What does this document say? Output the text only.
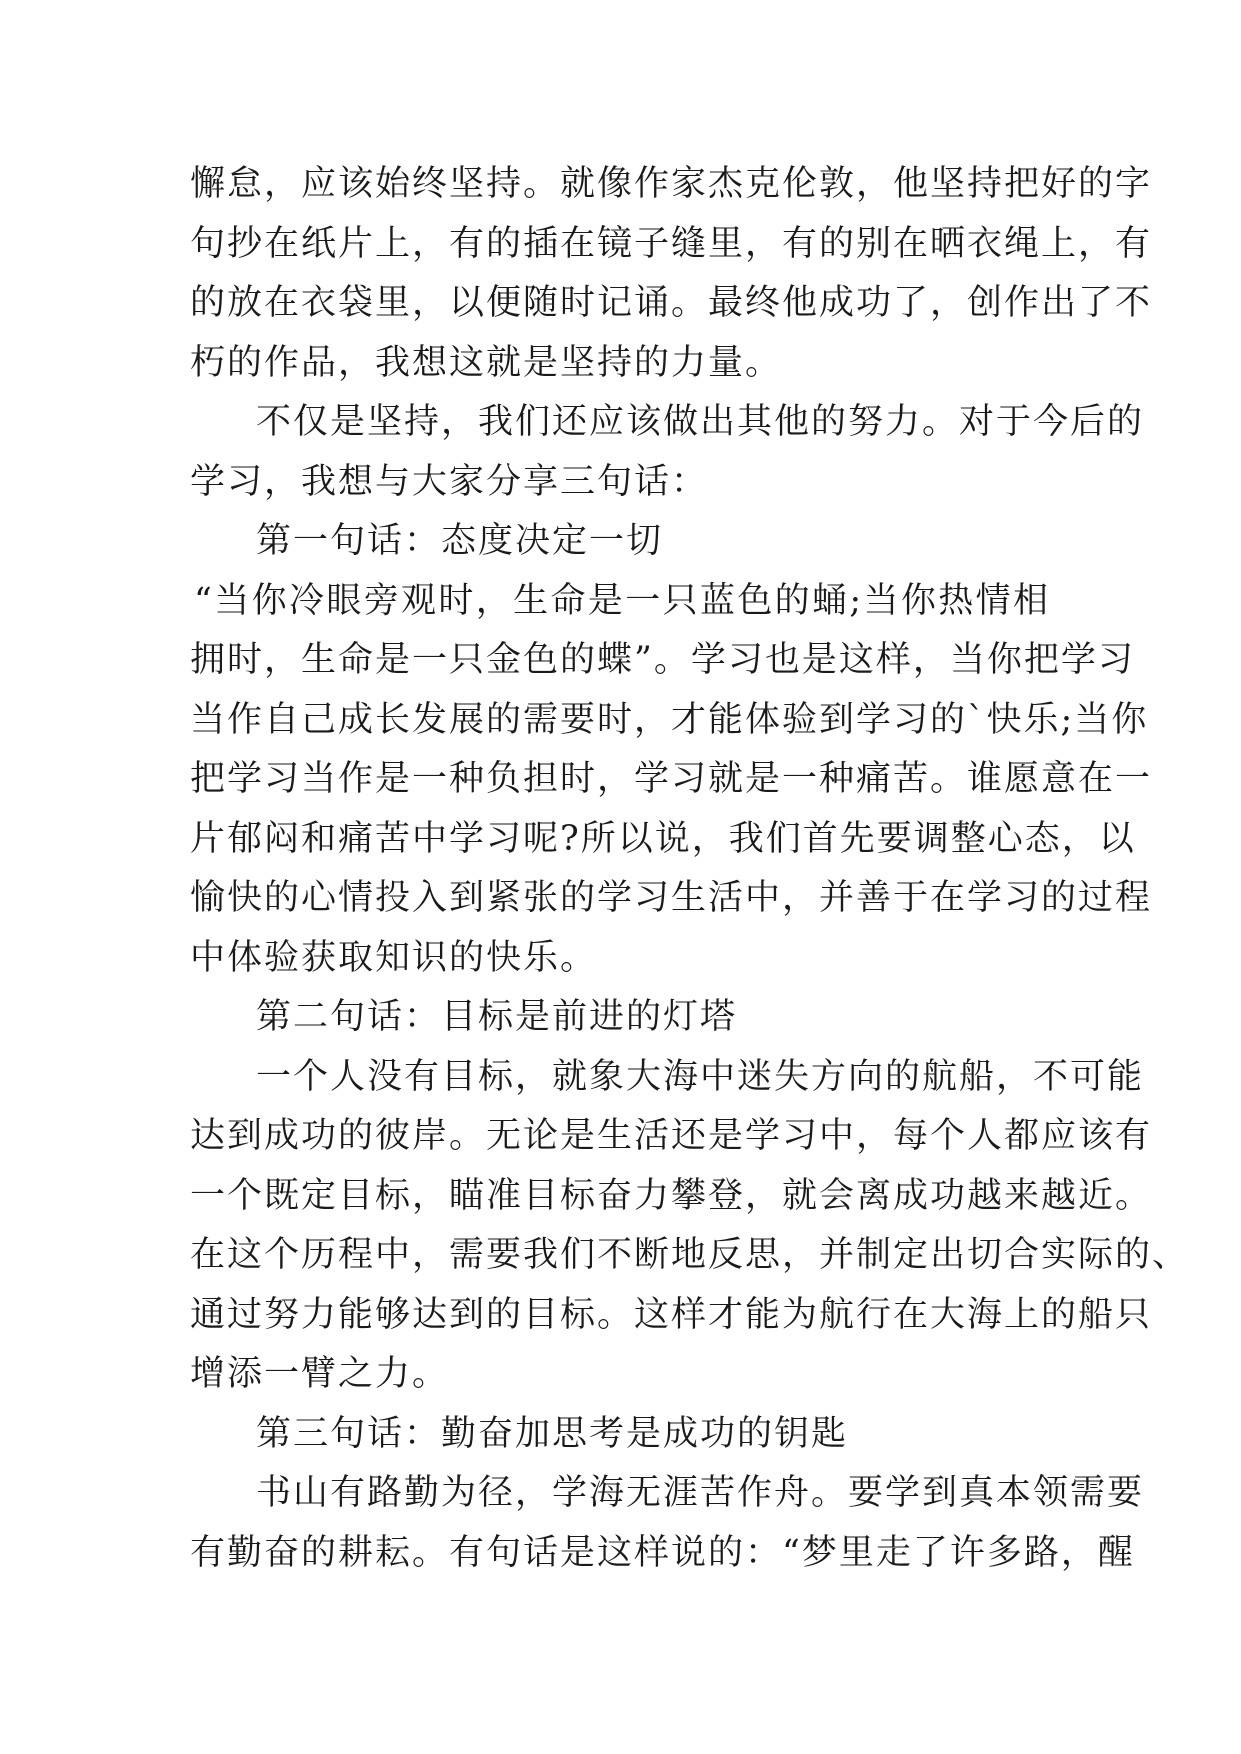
懈怠，应该始终坚持。就像作家杰克伦敦，他坚持把好的字
句抄在纸片上，有的插在镜子缝里，有的别在晒衣绳上，有
的放在衣袋里，以便随时记诵。最终他成功了，创作出了不
朽的作品，我想这就是坚持的力量。
不仅是坚持，我们还应该做出其他的努力。对于今后的
学习，我想与大家分享三句话：
第一句话：态度决定一切
“当你冷眼旁观时，生命是一只蓝色的蛹;当你热情相
拥时，生命是一只金色的蝶”。学习也是这样，当你把学习
当作自己成长发展的需要时，才能体验到学习的`快乐;当你
把学习当作是一种负担时，学习就是一种痛苦。谁愿意在一
片郁闷和痛苦中学习呢?所以说，我们首先要调整心态，以
愉快的心情投入到紧张的学习生活中，并善于在学习的过程
中体验获取知识的快乐。
第二句话：目标是前进的灯塔
一个人没有目标，就象大海中迷失方向的航船，不可能
达到成功的彼岸。无论是生活还是学习中，每个人都应该有
一个既定目标，瞄准目标奋力攀登，就会离成功越来越近。
在这个历程中，需要我们不断地反思，并制定出切合实际的、
通过努力能够达到的目标。这样才能为航行在大海上的船只
增添一臂之力。
第三句话：勤奋加思考是成功的钥匙
书山有路勤为径，学海无涯苦作舟。要学到真本领需要
有勤奋的耕耘。有句话是这样说的：“梦里走了许多路，醒
